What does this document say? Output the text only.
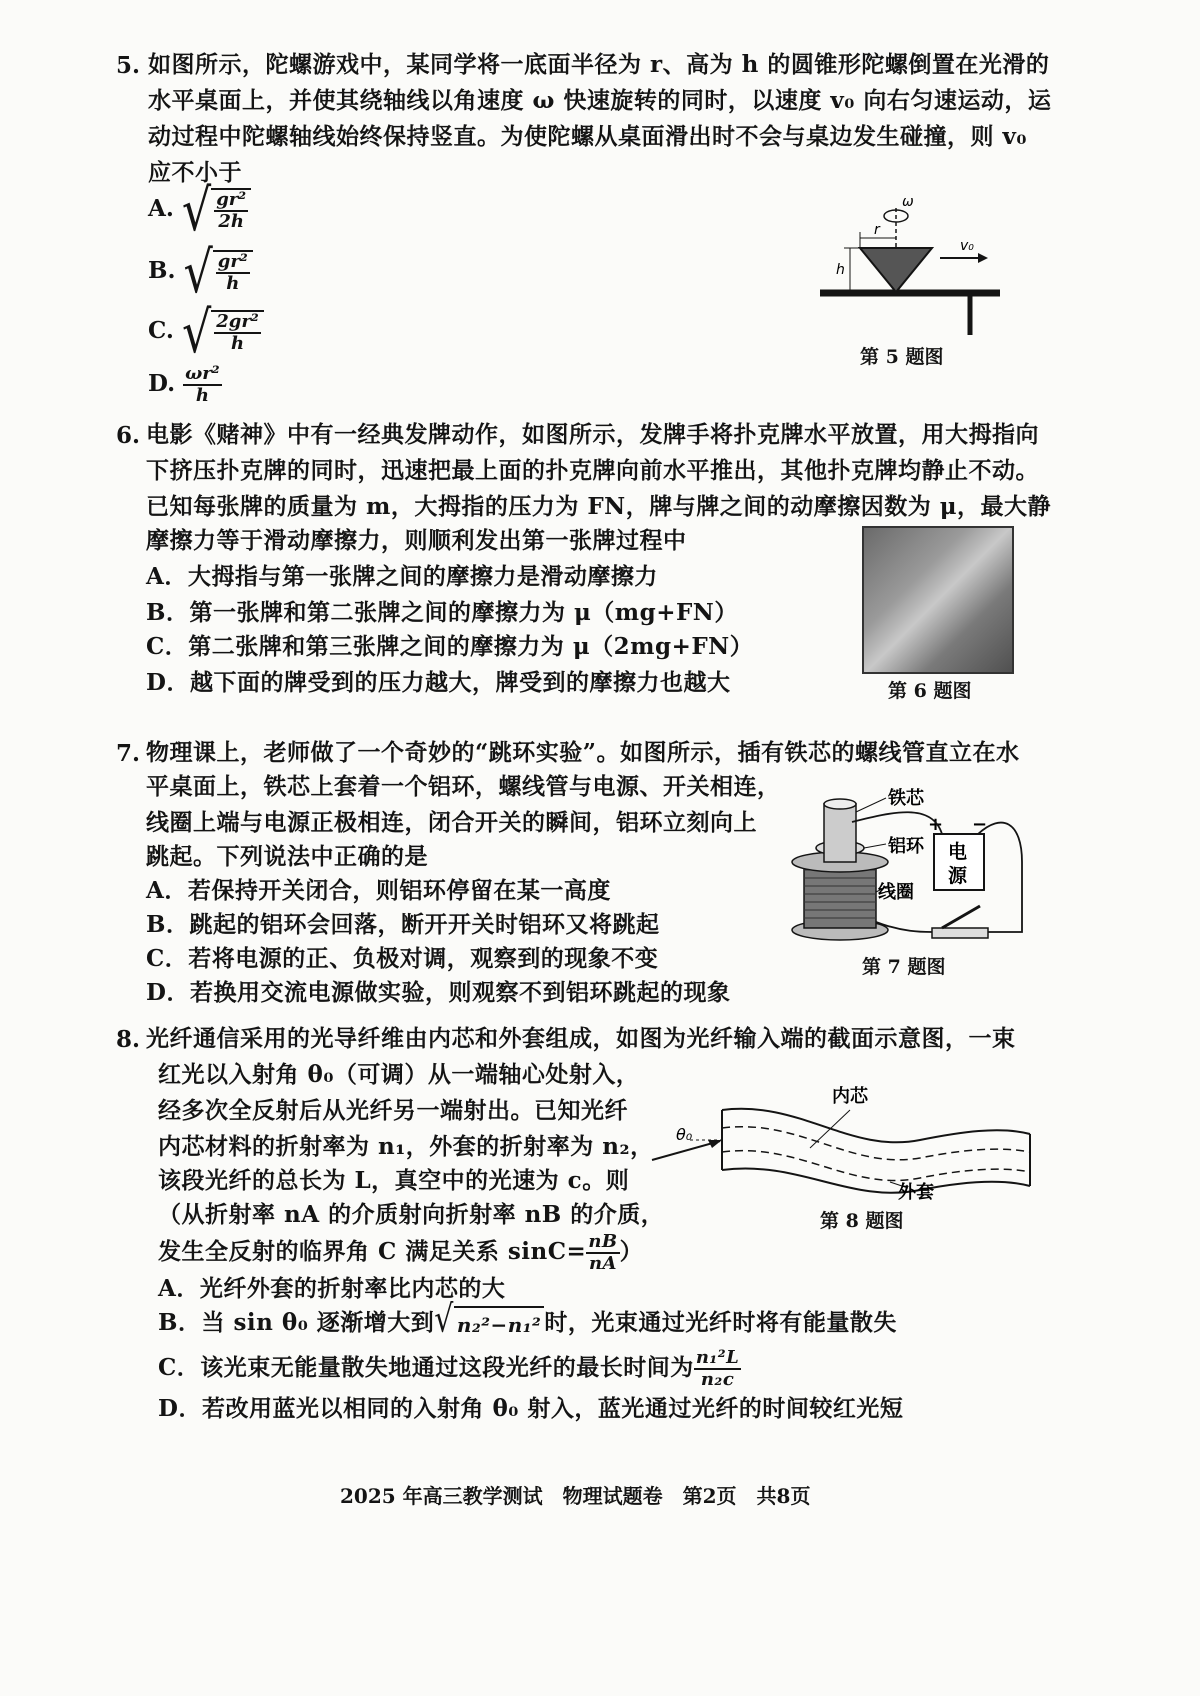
5. 如图所示，陀螺游戏中，某同学将一底面半径为 r、高为 h 的圆锥形陀螺倒置在光滑的
水平桌面上，并使其绕轴线以角速度 ω 快速旋转的同时，以速度 v₀ 向右匀速运动，运
动过程中陀螺轴线始终保持竖直。为使陀螺从桌面滑出时不会与桌边发生碰撞，则 v₀
应不小于
A. √ $\frac{\text{gr²}}{2h}$
B. √ $\frac{\text{gr²}}{h}$
C. √ $\frac{\text{2gr²}}{h}$
D. $\frac{\text{ωr²}}{h}$
ω
r
h
v₀
第 5 题图
6. 电影《赌神》中有一经典发牌动作，如图所示，发牌手将扑克牌水平放置，用大拇指向
下挤压扑克牌的同时，迅速把最上面的扑克牌向前水平推出，其他扑克牌均静止不动。
已知每张牌的质量为 m，大拇指的压力为 FN，牌与牌之间的动摩擦因数为 μ，最大静
摩擦力等于滑动摩擦力，则顺利发出第一张牌过程中
A．大拇指与第一张牌之间的摩擦力是滑动摩擦力
B．第一张牌和第二张牌之间的摩擦力为 μ（mg+FN）
C．第二张牌和第三张牌之间的摩擦力为 μ（2mg+FN）
D．越下面的牌受到的压力越大，牌受到的摩擦力也越大	第 6 题图
7. 物理课上，老师做了一个奇妙的“跳环实验”。如图所示，插有铁芯的螺线管直立在水
平桌面上，铁芯上套着一个铝环，螺线管与电源、开关相连，
线圈上端与电源正极相连，闭合开关的瞬间，铝环立刻向上
跳起。下列说法中正确的是
A．若保持开关闭合，则铝环停留在某一高度
B．跳起的铝环会回落，断开开关时铝环又将跳起
C．若将电源的正、负极对调，观察到的现象不变
D．若换用交流电源做实验，则观察不到铝环跳起的现象
铁芯
铝环
线圈
电
源
+ −
第 7 题图
8. 光纤通信采用的光导纤维由内芯和外套组成，如图为光纤输入端的截面示意图，一束
红光以入射角 θ₀（可调）从一端轴心处射入，
经多次全反射后从光纤另一端射出。已知光纤
内芯材料的折射率为 n₁，外套的折射率为 n₂，
该段光纤的总长为 L，真空中的光速为 c。则
（从折射率 nA 的介质射向折射率 nB 的介质，
发生全反射的临界角 C 满足关系 $\sin C= \frac{nB}{nA}$ ）
A．光纤外套的折射率比内芯的大
B．当 sin θ₀ 逐渐增大到 √ n₂²−n₁² 时，光束通过光纤时将有能量散失
C．该光束无能量散失地通过这段光纤的最长时间为 $\frac{\text{n₁²L}}{\text{n₂c}}$
D．若改用蓝光以相同的入射角 θ₀ 射入，蓝光通过光纤的时间较红光短
θ₀
内芯
外套
第 8 题图
2025 年高三教学测试　物理试题卷　第2页　共8页
